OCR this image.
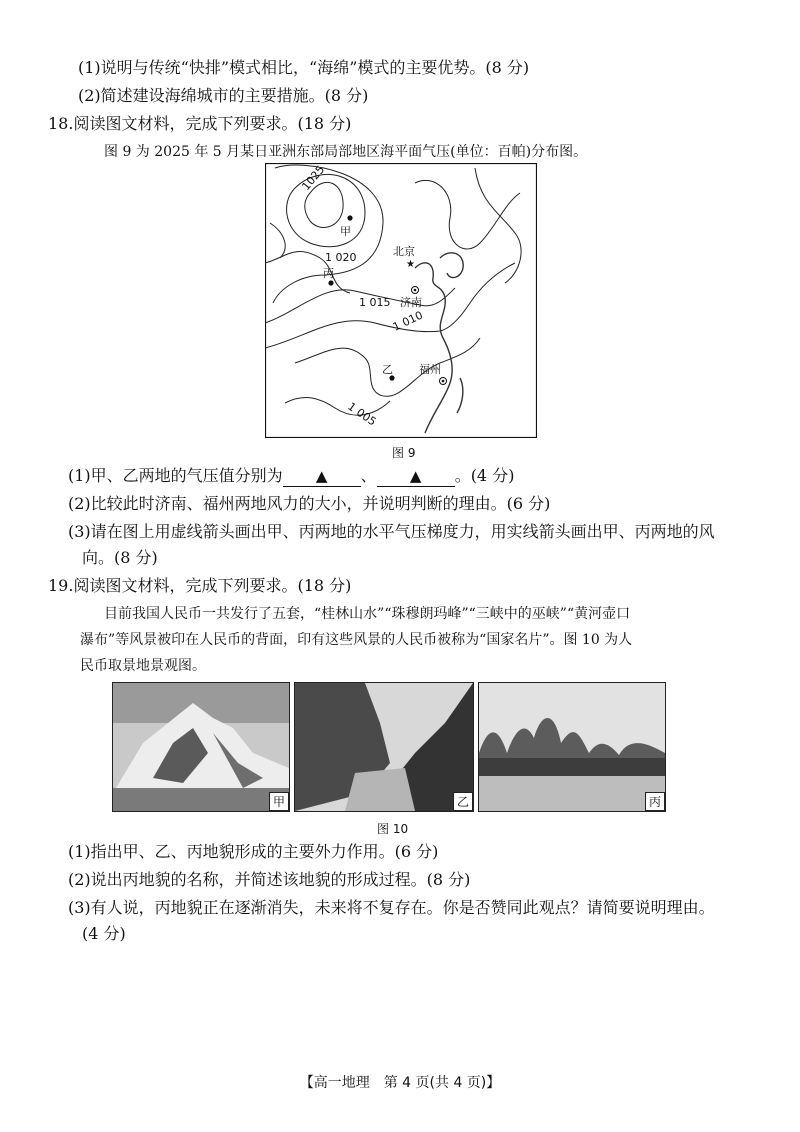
(1)说明与传统“快排”模式相比，“海绵”模式的主要优势。(8 分)
(2)简述建设海绵城市的主要措施。(8 分)
18.阅读图文材料，完成下列要求。(18 分)
图 9 为 2025 年 5 月某日亚洲东部局部地区海平面气压(单位：百帕)分布图。
★
1025
1 020
1 015
1 010
1 005
甲
丙
乙
北京
济南
福州
图 9
(1)甲、乙两地的气压值分别为 ▲ 、 ▲ 。(4 分)
(2)比较此时济南、福州两地风力的大小，并说明判断的理由。(6 分)
(3)请在图上用虚线箭头画出甲、丙两地的水平气压梯度力，用实线箭头画出甲、丙两地的风
向。(8 分)
19.阅读图文材料，完成下列要求。(18 分)
目前我国人民币一共发行了五套，“桂林山水”“珠穆朗玛峰”“三峡中的巫峡”“黄河壶口
瀑布”等风景被印在人民币的背面，印有这些风景的人民币被称为“国家名片”。图 10 为人
民币取景地景观图。
甲	乙	丙
图 10
(1)指出甲、乙、丙地貌形成的主要外力作用。(6 分)
(2)说出丙地貌的名称，并简述该地貌的形成过程。(8 分)
(3)有人说，丙地貌正在逐渐消失，未来将不复存在。你是否赞同此观点？请简要说明理由。
(4 分)
【高一地理　第 4 页(共 4 页)】
